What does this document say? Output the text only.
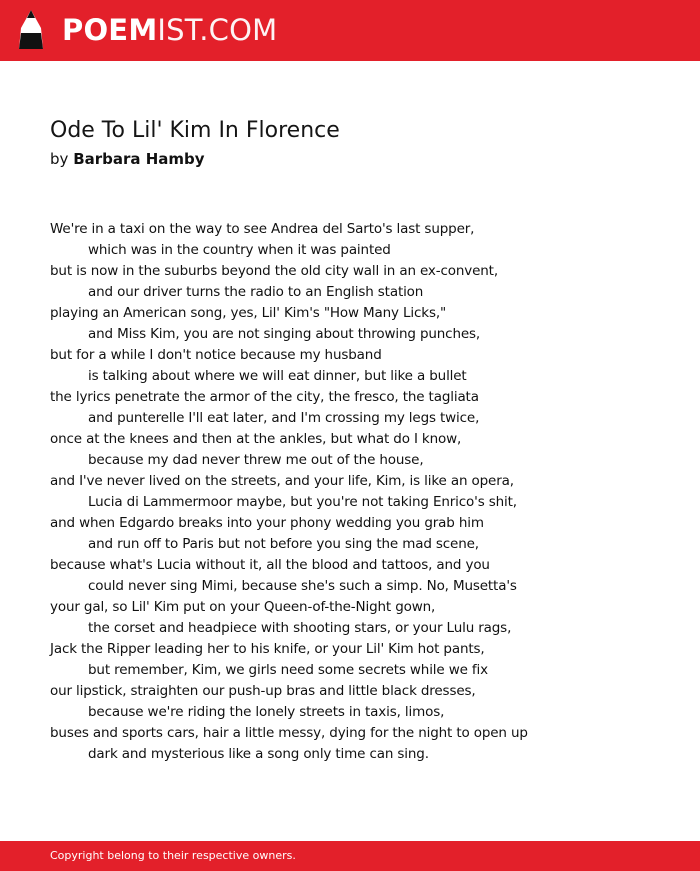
POEMIST.COM
Ode To Lil' Kim In Florence
by Barbara Hamby
We're in a taxi on the way to see Andrea del Sarto's last supper,
which was in the country when it was painted
but is now in the suburbs beyond the old city wall in an ex-convent,
and our driver turns the radio to an English station
playing an American song, yes, Lil' Kim's "How Many Licks,"
and Miss Kim, you are not singing about throwing punches,
but for a while I don't notice because my husband
is talking about where we will eat dinner, but like a bullet
the lyrics penetrate the armor of the city, the fresco, the tagliata
and punterelle I'll eat later, and I'm crossing my legs twice,
once at the knees and then at the ankles, but what do I know,
because my dad never threw me out of the house,
and I've never lived on the streets, and your life, Kim, is like an opera,
Lucia di Lammermoor maybe, but you're not taking Enrico's shit,
and when Edgardo breaks into your phony wedding you grab him
and run off to Paris but not before you sing the mad scene,
because what's Lucia without it, all the blood and tattoos, and you
could never sing Mimi, because she's such a simp. No, Musetta's
your gal, so Lil' Kim put on your Queen-of-the-Night gown,
the corset and headpiece with shooting stars, or your Lulu rags,
Jack the Ripper leading her to his knife, or your Lil' Kim hot pants,
but remember, Kim, we girls need some secrets while we fix
our lipstick, straighten our push-up bras and little black dresses,
because we're riding the lonely streets in taxis, limos,
buses and sports cars, hair a little messy, dying for the night to open up
dark and mysterious like a song only time can sing.
Copyright belong to their respective owners.
